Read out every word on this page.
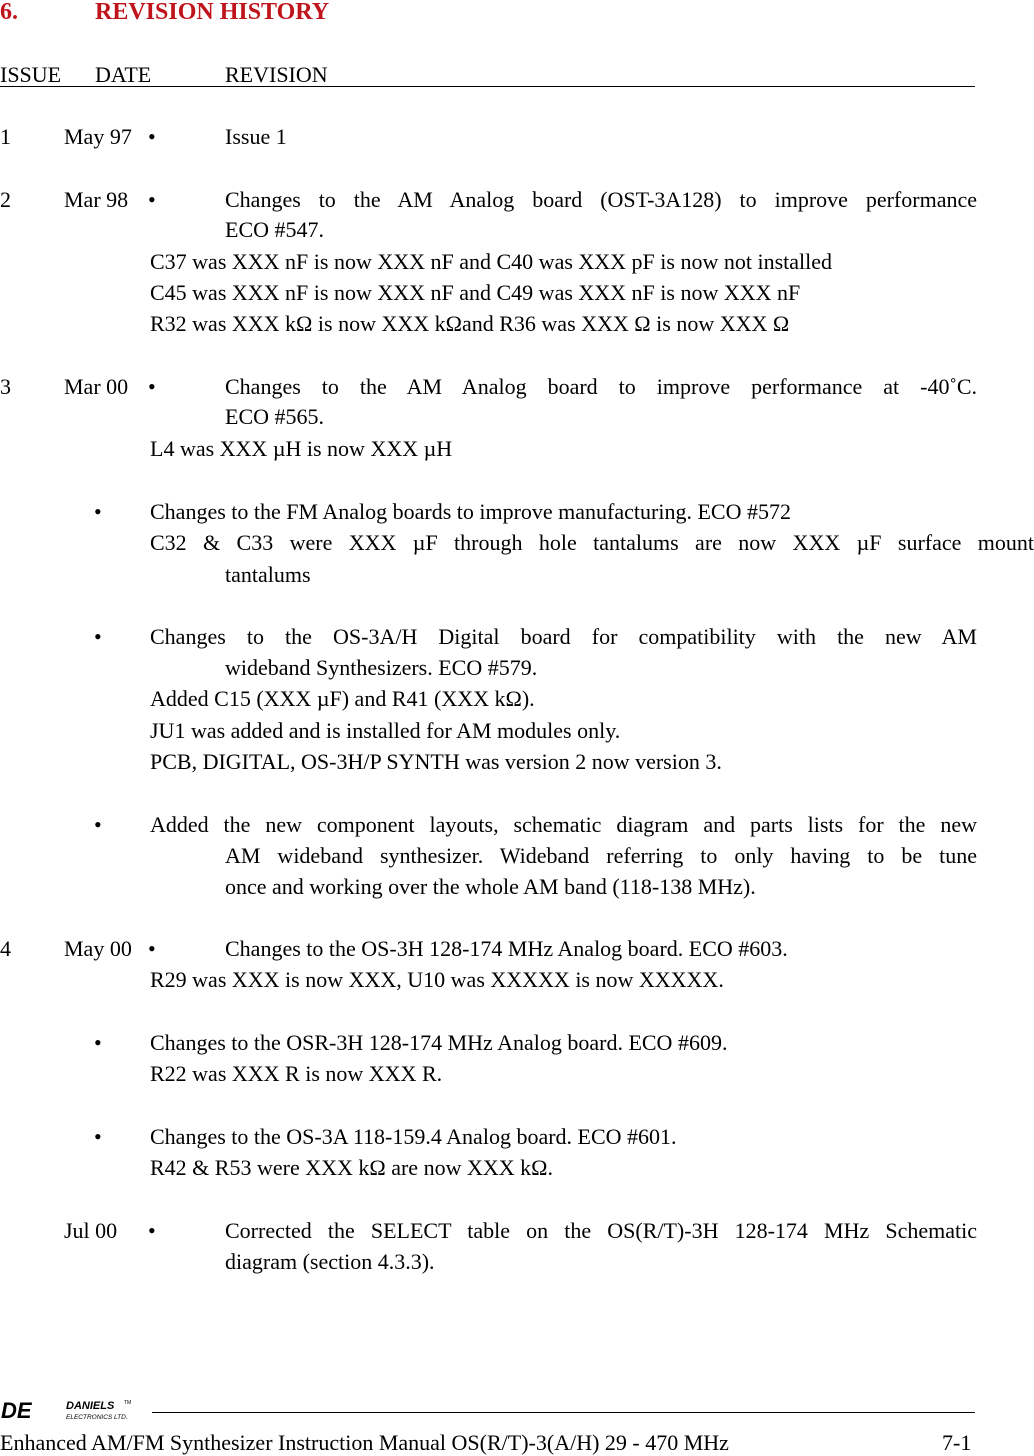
6.	REVISION HISTORY
ISSUE DATE	REVISION
1 May 97 •	Issue 1
2 Mar 98 •	Changes to the AM Analog board (OST-3A128) to improve performance
ECO #547.
C37 was XXX nF is now XXX nF and C40 was XXX pF is now not installed
C45 was XXX nF is now XXX nF and C49 was XXX nF is now XXX nF
R32 was XXX kΩ is now XXX kΩand R36 was XXX Ω is now XXX Ω
3 Mar 00 •	Changes to the AM Analog board to improve performance at -40˚C.
ECO #565.
L4 was XXX µH is now XXX µH
• Changes to the FM Analog boards to improve manufacturing. ECO #572
C32 & C33 were XXX µF through hole tantalums are now XXX µF surface mount
tantalums
• Changes to the OS-3A/H Digital board for compatibility with the new AM
wideband Synthesizers. ECO #579.
Added C15 (XXX µF) and R41 (XXX kΩ).
JU1 was added and is installed for AM modules only.
PCB, DIGITAL, OS-3H/P SYNTH was version 2 now version 3.
• Added the new component layouts, schematic diagram and parts lists for the new
AM wideband synthesizer. Wideband referring to only having to be tune
once and working over the whole AM band (118-138 MHz).
4 May 00 •	Changes to the OS-3H 128-174 MHz Analog board. ECO #603.
R29 was XXX is now XXX, U10 was XXXXX is now XXXXX.
• Changes to the OSR-3H 128-174 MHz Analog board. ECO #609.
R22 was XXX R is now XXX R.
• Changes to the OS-3A 118-159.4 Analog board. ECO #601.
R42 & R53 were XXX kΩ are now XXX kΩ.
Jul 00 •	Corrected the SELECT table on the OS(R/T)-3H 128-174 MHz Schematic
diagram (section 4.3.3).
DE	DANIELS TM
ELECTRONICS LTD.
Enhanced AM/FM Synthesizer Instruction Manual OS(R/T)-3(A/H) 29 - 470 MHz	7-1
